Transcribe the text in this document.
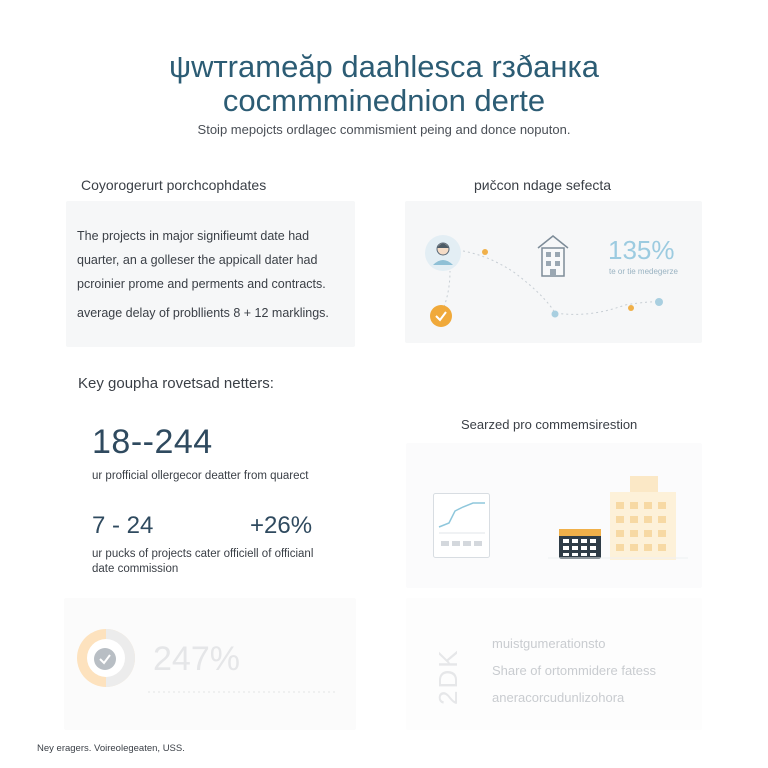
ψwтrameăp daahlesca rзðaнка
cocmmminednion derte
Stoip mepojcts ordlagec commismient peing and donce noputon.
Coyorogerurt porchcophdates
The projects in major signifieumt date had
quarter, an a golleser the appicall dater had
pcroinier prome and perments and contracts.
average delay of probllients 8 + 12 marklings.
pиčcon ndage sefecta
135%
te or tie medegerze
Key goupha rovetsad netters:
18--244
ur profficial ollergecor deatter from quarect
7 - 24	+26%
ur pucks of projects cater officiell of officianl
date commission
Searzed pro commemsirestion
247%	2DK
muistgumerationsto
Share of ortommidere fatess
aneracorcudunlizohora
Ney eragers. Voireolegeaten, USS.
